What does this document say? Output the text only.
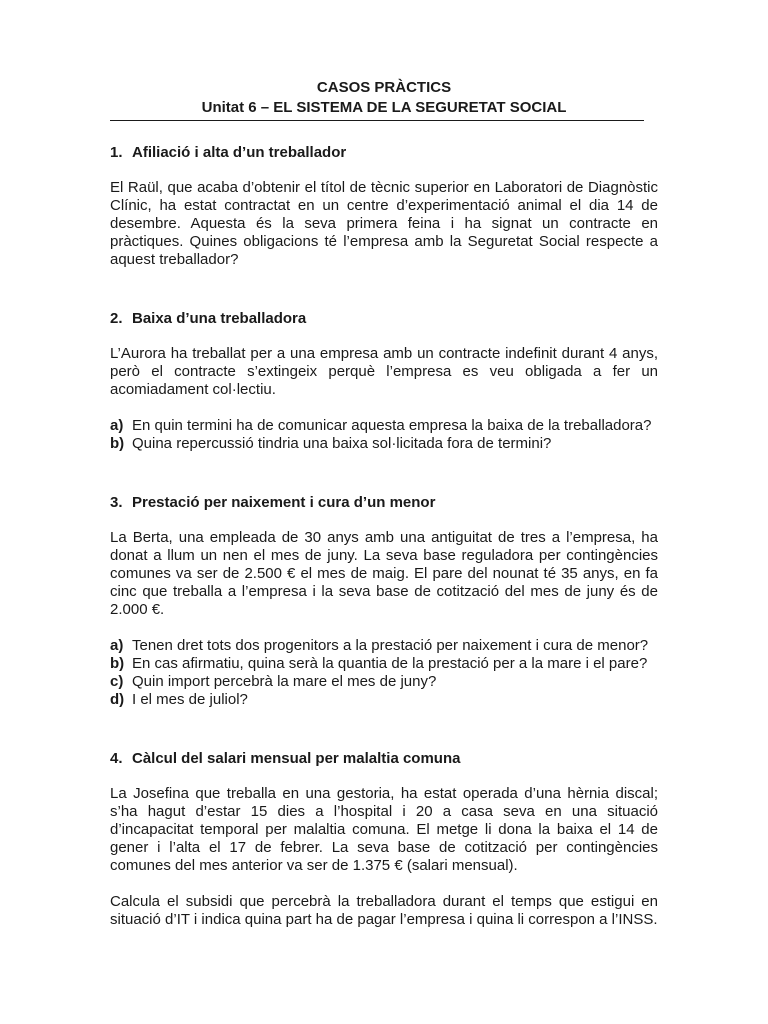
CASOS PRÀCTICS
Unitat 6 – EL SISTEMA DE LA SEGURETAT SOCIAL
1. Afiliació i alta d’un treballador
El Raül, que acaba d’obtenir el títol de tècnic superior en Laboratori de Diagnòstic Clínic, ha estat contractat en un centre d’experimentació animal el dia 14 de desembre. Aquesta és la seva primera feina i ha signat un contracte en pràctiques. Quines obligacions té l’empresa amb la Seguretat Social respecte a aquest treballador?
2. Baixa d’una treballadora
L’Aurora ha treballat per a una empresa amb un contracte indefinit durant 4 anys, però el contracte s’extingeix perquè l’empresa es veu obligada a fer un acomiadament col·lectiu.
a) En quin termini ha de comunicar aquesta empresa la baixa de la treballadora?
b) Quina repercussió tindria una baixa sol·licitada fora de termini?
3. Prestació per naixement i cura d’un menor
La Berta, una empleada de 30 anys amb una antiguitat de tres a l’empresa, ha donat a llum un nen el mes de juny. La seva base reguladora per contingències comunes va ser de 2.500 € el mes de maig. El pare del nounat té 35 anys, en fa cinc que treballa a l’empresa i la seva base de cotització del mes de juny és de 2.000 €.
a) Tenen dret tots dos progenitors a la prestació per naixement i cura de menor?
b) En cas afirmatiu, quina serà la quantia de la prestació per a la mare i el pare?
c) Quin import percebrà la mare el mes de juny?
d) I el mes de juliol?
4. Càlcul del salari mensual per malaltia comuna
La Josefina que treballa en una gestoria, ha estat operada d’una hèrnia discal; s’ha hagut d’estar 15 dies a l’hospital i 20 a casa seva en una situació d’incapacitat temporal per malaltia comuna. El metge li dona la baixa el 14 de gener i l’alta el 17 de febrer. La seva base de cotització per contingències comunes del mes anterior va ser de 1.375 € (salari mensual).
Calcula el subsidi que percebrà la treballadora durant el temps que estigui en situació d’IT i indica quina part ha de pagar l’empresa i quina li correspon a l’INSS.
